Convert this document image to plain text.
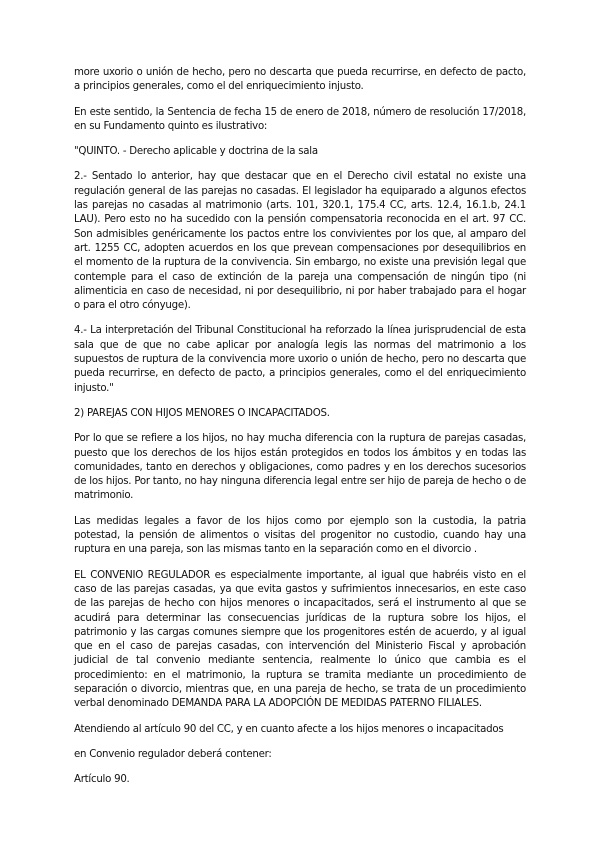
more uxorio o unión de hecho, pero no descarta que pueda recurrirse, en defecto de pacto, a principios generales, como el del enriquecimiento injusto.

En este sentido, la Sentencia de fecha 15 de enero de 2018, número de resolución 17/2018, en su Fundamento quinto es ilustrativo:

"QUINTO. - Derecho aplicable y doctrina de la sala

2.- Sentado lo anterior, hay que destacar que en el Derecho civil estatal no existe una regulación general de las parejas no casadas. El legislador ha equiparado a algunos efectos las parejas no casadas al matrimonio (arts. 101, 320.1, 175.4 CC, arts. 12.4, 16.1.b, 24.1 LAU). Pero esto no ha sucedido con la pensión compensatoria reconocida en el art. 97 CC. Son admisibles genéricamente los pactos entre los convivientes por los que, al amparo del art. 1255 CC, adopten acuerdos en los que prevean compensaciones por desequilibrios en el momento de la ruptura de la convivencia. Sin embargo, no existe una previsión legal que contemple para el caso de extinción de la pareja una compensación de ningún tipo (ni alimenticia en caso de necesidad, ni por desequilibrio, ni por haber trabajado para el hogar o para el otro cónyuge).

4.- La interpretación del Tribunal Constitucional ha reforzado la línea jurisprudencial de esta sala que de que no cabe aplicar por analogía legis las normas del matrimonio a los supuestos de ruptura de la convivencia more uxorio o unión de hecho, pero no descarta que pueda recurrirse, en defecto de pacto, a principios generales, como el del enriquecimiento injusto."

2) PAREJAS CON HIJOS MENORES O INCAPACITADOS.

Por lo que se refiere a los hijos, no hay mucha diferencia con la ruptura de parejas casadas, puesto que los derechos de los hijos están protegidos en todos los ámbitos y en todas las comunidades, tanto en derechos y obligaciones, como padres y en los derechos sucesorios de los hijos. Por tanto, no hay ninguna diferencia legal entre ser hijo de pareja de hecho o de matrimonio.

Las medidas legales a favor de los hijos como por ejemplo son la custodia, la patria potestad, la pensión de alimentos o visitas del progenitor no custodio, cuando hay una ruptura en una pareja, son las mismas tanto en la separación como en el divorcio .

EL CONVENIO REGULADOR es especialmente importante, al igual que habréis visto en el caso de las parejas casadas, ya que evita gastos y sufrimientos innecesarios, en este caso de las parejas de hecho con hijos menores o incapacitados, será el instrumento al que se acudirá para determinar las consecuencias jurídicas de la ruptura sobre los hijos, el patrimonio y las cargas comunes siempre que los progenitores estén de acuerdo, y al igual que en el caso de parejas casadas, con intervención del Ministerio Fiscal y aprobación judicial de tal convenio mediante sentencia, realmente lo único que cambia es el procedimiento: en el matrimonio, la ruptura se tramita mediante un procedimiento de separación o divorcio, mientras que, en una pareja de hecho, se trata de un procedimiento verbal denominado DEMANDA PARA LA ADOPCIÓN DE MEDIDAS PATERNO FILIALES.

Atendiendo al artículo 90 del CC, y en cuanto afecte a los hijos menores o incapacitados

en Convenio regulador deberá contener:

Artículo 90.
